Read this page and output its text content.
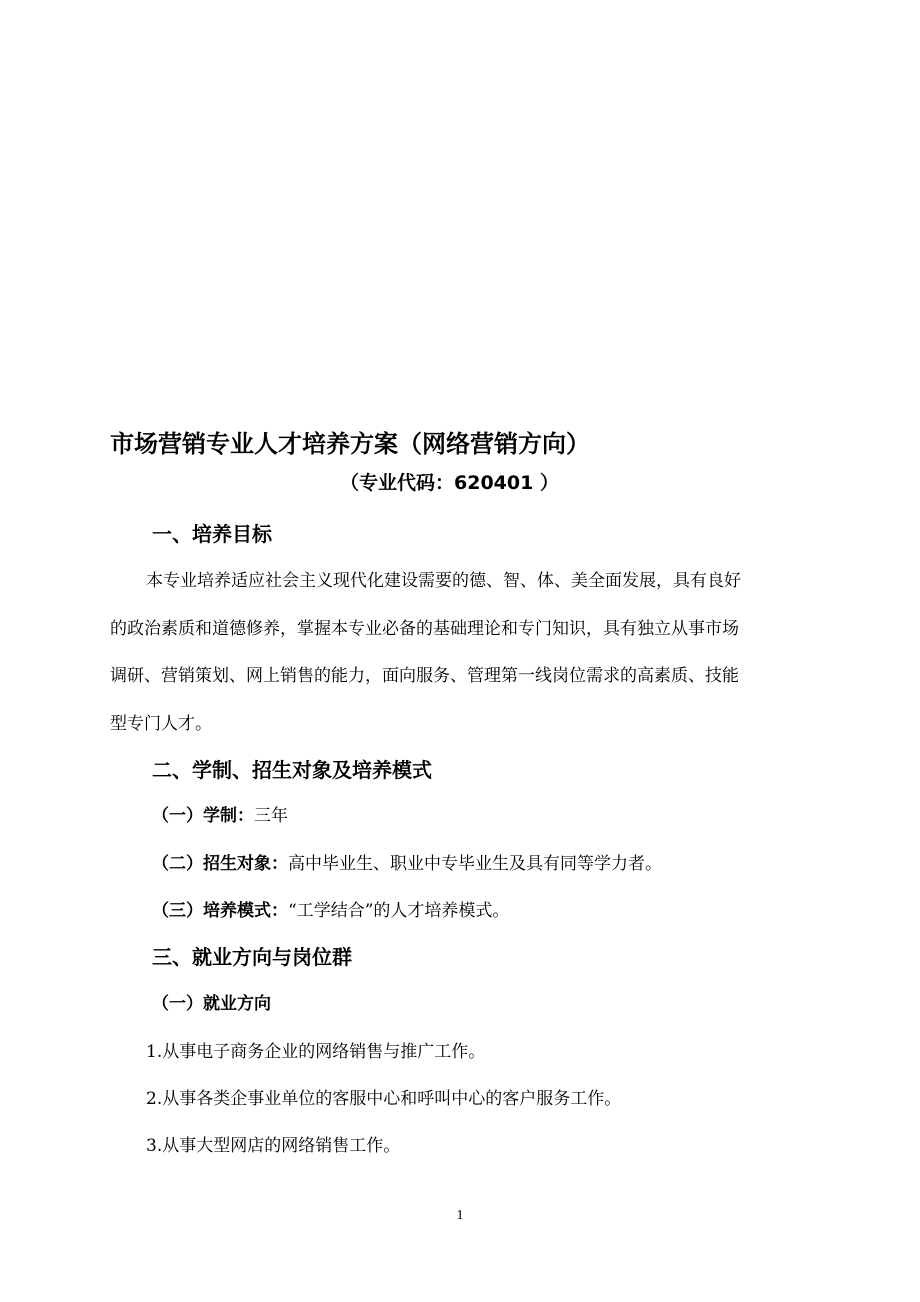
市场营销专业人才培养方案（网络营销方向）
（专业代码：620401 ）
一、培养目标
本专业培养适应社会主义现代化建设需要的德、智、体、美全面发展，具有良好
的政治素质和道德修养，掌握本专业必备的基础理论和专门知识，具有独立从事市场
调研、营销策划、网上销售的能力，面向服务、管理第一线岗位需求的高素质、技能
型专门人才。
二、学制、招生对象及培养模式
（一）学制：三年
（二）招生对象：高中毕业生、职业中专毕业生及具有同等学力者。
（三）培养模式：“工学结合”的人才培养模式。
三、就业方向与岗位群
（一）就业方向
1.从事电子商务企业的网络销售与推广工作。
2.从事各类企事业单位的客服中心和呼叫中心的客户服务工作。
3.从事大型网店的网络销售工作。
1
